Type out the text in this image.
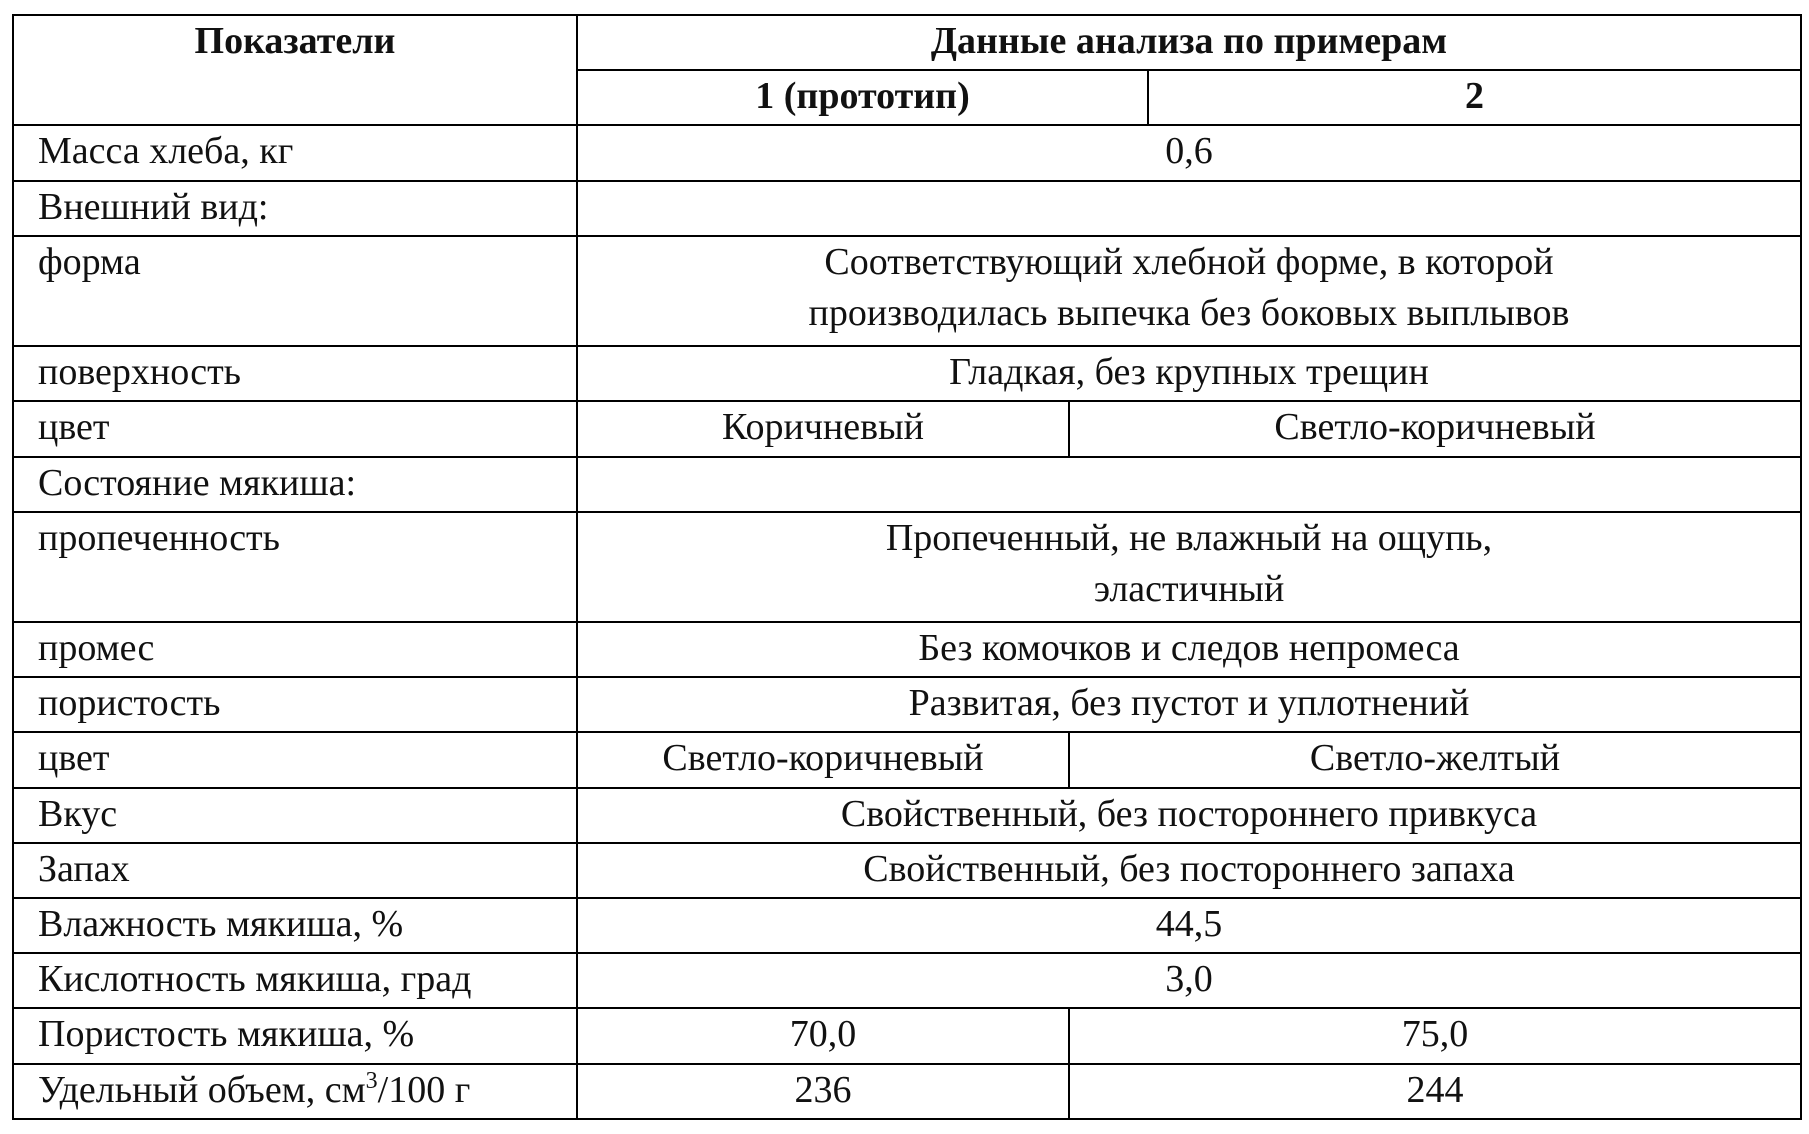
Показатели	Данные анализа по примерам		
	1 (прототип)		2
Масса хлеба, кг	0,6		
Внешний вид:			
форма	Соответствующий хлебной форме, в которой
производилась выпечка без боковых выплывов		

поверхность	Гладкая, без крупных трещин		
цвет	Коричневый	Светло-коричневый	
Состояние мякиша:			
пропеченность	Пропеченный, не влажный на ощупь,
эластичный		

промес	Без комочков и следов непромеса		
пористость	Развитая, без пустот и уплотнений		
цвет	Светло-коричневый	Светло-желтый	
Вкус	Свойственный, без постороннего привкуса		
Запах	Свойственный, без постороннего запаха		
Влажность мякиша, %	44,5		
Кислотность мякиша, град	3,0		
Пористость мякиша, %	70,0	75,0	
Удельный объем, $см^3/100$ г	236	244	
